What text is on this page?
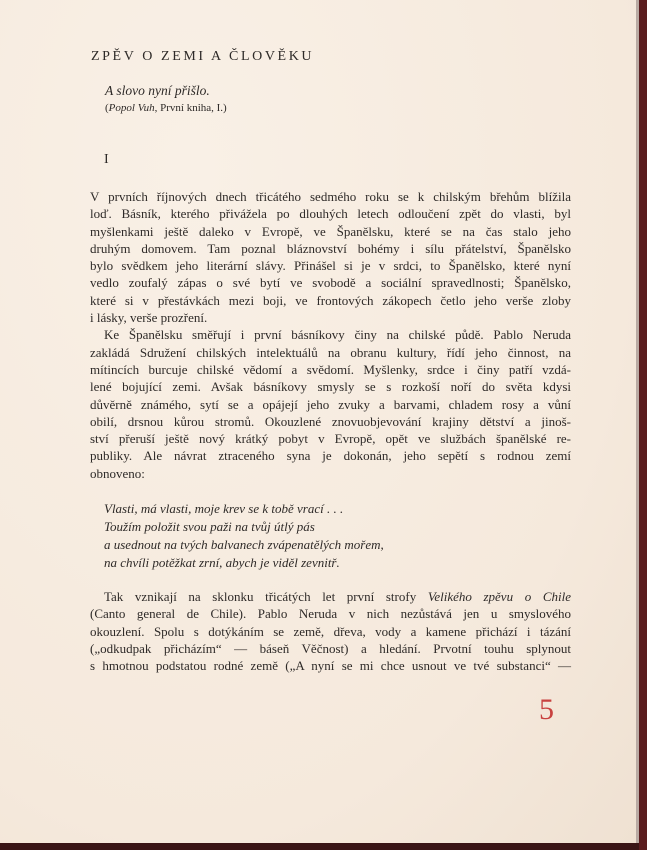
ZPĚV O ZEMI A ČLOVĚKU
A slovo nyní přišlo.
(Popol Vuh, První kniha, I.)
I
V prvních říjnových dnech třicátého sedmého roku se k chilským břehům blížila
loď. Básník, kterého přivážela po dlouhých letech odloučení zpět do vlasti, byl
myšlenkami ještě daleko v Evropě, ve Španělsku, které se na čas stalo jeho
druhým domovem. Tam poznal bláznovství bohémy i sílu přátelství, Španělsko
bylo svědkem jeho literární slávy. Přinášel si je v srdci, to Španělsko, které nyní
vedlo zoufalý zápas o své bytí ve svobodě a sociální spravedlnosti; Španělsko,
které si v přestávkách mezi boji, ve frontových zákopech četlo jeho verše zloby
i lásky, verše prozření.
Ke Španělsku směřují i první básníkovy činy na chilské půdě. Pablo Neruda
zakládá Sdružení chilských intelektuálů na obranu kultury, řídí jeho činnost, na
mítincích burcuje chilské vědomí a svědomí. Myšlenky, srdce i činy patří vzdá-
lené bojující zemi. Avšak básníkovy smysly se s rozkoší noří do světa kdysi
důvěrně známého, sytí se a opájejí jeho zvuky a barvami, chladem rosy a vůní
obilí, drsnou kůrou stromů. Okouzlené znovuobjevování krajiny dětství a jinoš-
ství přeruší ještě nový krátký pobyt v Evropě, opět ve službách španělské re-
publiky. Ale návrat ztraceného syna je dokonán, jeho sepětí s rodnou zemí
obnoveno:
Vlasti, má vlasti, moje krev se k tobě vrací . . .
Toužím položit svou paži na tvůj útlý pás
a usednout na tvých balvanech zvápenatělých mořem,
na chvíli potěžkat zrní, abych je viděl zevnitř.
Tak vznikají na sklonku třicátých let první strofy Velikého zpěvu o Chile
(Canto general de Chile). Pablo Neruda v nich nezůstává jen u smyslového
okouzlení. Spolu s dotýkáním se země, dřeva, vody a kamene přichází i tázání
(„odkudpak přicházím“ — báseň Věčnost) a hledání. Prvotní touhu splynout
s hmotnou podstatou rodné země („A nyní se mi chce usnout ve tvé substanci“ —
5
